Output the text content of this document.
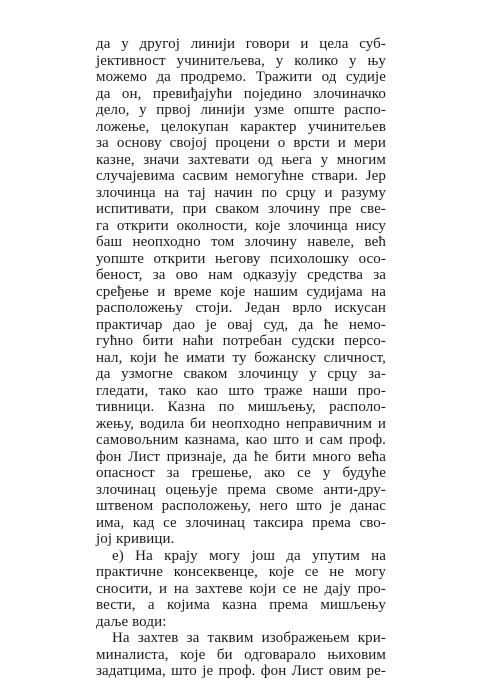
да у другој линији говори и цела суб-
јективност учинитељева, у колико у њу
можемо да продремо. Тражити од судије
да он, превиђајући поједино злочиначко
дело, у првој линији узме опште распо-
ложење, целокупан карактер учинитељев
за основу својој процени о врсти и мери
казне, значи захтевати од њега у многим
случајевима сасвим немогућне ствари. Јер
злочинца на тај начин по срцу и разуму
испитивати, при сваком злочину пре све-
га открити околности, које злочинца нису
баш неопходно том злочину навеле, већ
уопште открити његову психолошку осо-
беност, за ово нам одказују средства за
сређење и време које нашим судијама на
расположењу стоји. Један врло искусан
практичар дао је овај суд, да ће немо-
гућно бити наћи потребан судски персо-
нал, који ће имати ту божанску сличност,
да узмогне сваком злочинцу у срцу за-
гледати, тако као што траже наши про-
тивници. Казна по мишљењу, располо-
жењу, водила би неопходно неправичним и
самовољним казнама, као што и сам проф.
фон Лист признаје, да ће бити много већа
опасност за грешење, ако се у будуће
злочинац оцењује према своме анти-дру-
штвеном расположењу, него што је данас
има, кад се злочинац таксира према сво-
јој кривици.
е) На крају могу још да упутим на
практичне консеквенце, које се не могу
сносити, и на захтеве који се не дају про-
вести, а којима казна према мишљењу
даље води:
На захтев за таквим изображењем кри-
миналиста, које би одговарало њиховим
задатцима, што је проф. фон Лист овим ре-
